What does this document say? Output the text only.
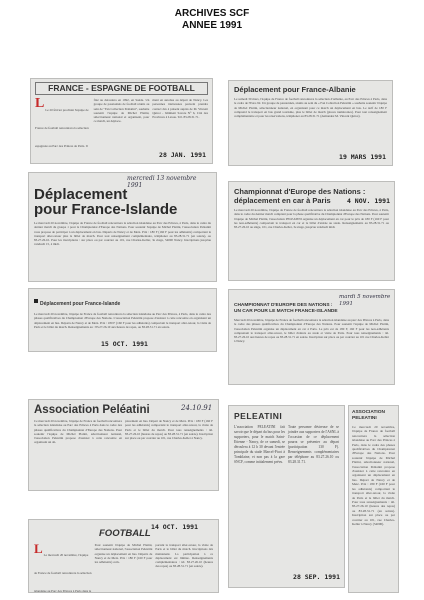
ARCHIVES SCF
ANNEE 1991
FRANCE - ESPAGNE DE FOOTBALL
L Le 20 février prochain l'équipe de France de football rencontrera la sélection espagnole au Parc des Princes de Paris. Il s'agira du deuxième des phases
fixé au déroulera en 1992, en Suède. Un groupe de passionnés de football réunis au sein de "Fan Collection Peléatini", souhaite soutenir l'équipe de Michel Platini, sélectionneur national et organisent, pour ce match, un déplace-
ment en autobus au départ de Nancy. Les personnes intéressées peuvent prendre contact dès à présent auprès de M. Vincent Quirot - bâtiment Savoie N° 6, Cité des Provinces à Laxou. Tél. 83.28.31.71.
28 JAN. 1991
Déplacement pour France-Albanie
Le samedi 30 mars, l'équipe de France de football rencontrera la sélection d'Albanie, au Parc des Princes à Paris, dans le cadre de l'Euro 92. Un groupe de passionnés, réunis au sein du « Fan Collection Peléatini » souhaite soutenir l'équipe de Michel Platini, sélectionneur national, en organisant pour ce match un déplacement en bus. Le tarif de 180 F comprend le transport en bus grand tourisme, plus le billet de match (places numérotées). Pour tout renseignement complémentaire et pour les réservations, téléphoner au 83.28.31.71 (demandez M. Vincent Quirot).
19 MARS 1991
mercredi 13 novembre 1991
Déplacement
pour France-Islande
Le mercredi 20 novembre, l'équipe de France de football rencontrera la sélection islandaise au Parc des Princes, à Paris, dans le cadre du dernier match du groupe 1 pour le Championnat d'Europe des Nations. Pour soutenir l'équipe de Michel Platini, l'Association Peléatini vous propose de participer à un déplacement en bus. Départs de Nancy et de Metz. Prix : 180 F (160 F pour les adhérents) comportant le transport aller-retour plus le billet de match. Pour tout renseignement complémentaire, téléphoner au 83.28.31.71 (en soirée), ou 83.27.26.10. Pour les inscriptions : sur place ou par courrier au 101, rue Charles-Keller, 3e étage, 54000 Nancy. Inscriptions jusqu'au vendredi 15, à midi.
Championnat d'Europe des Nations :
déplacement en car à Paris	4 NOV. 1991
Le mercredi 20 novembre, l'équipe de France de football rencontrera la sélection islandaise au Parc des Princes, à Paris, dans le cadre du dernier match comptant pour la phase qualificative du Championnat d'Europe des Nations. Pour soutenir l'équipe de Michel Platini, l'association PELEATINI organise un déplacement en car pour le prix de 180 F (160 F pour les non-adhérents) comportant le transport en car et le billet d'entrée au stade. Renseignements au 83.28.31.71 ou 83.27.26.10 au siège, 101, rue Charles-Keller, 3e étage, jusqu'au vendredi midi.
Déplacement pour France-Islande
Le mercredi 20 novembre, l'équipe de France de football rencontrera la sélection islandaise au Parc des Princes, à Paris, dans le cadre des phases qualificatives du Championnat d'Europe des Nations. L'association Peléatini propose d'assister à cette rencontre en organisant un déplacement en bus. Départs de Nancy et de Metz. Prix : 180 F (160 F pour les adhérents) comportant le transport aller-retour, la visite de Paris et le billet du match. Renseignements au : 83.27.26.10 aux heures de repas, ou 83.28.31.71 en soirée.
15 OCT. 1991
mardi 5 novembre 1991
CHAMPIONNAT D'EUROPE DES NATIONS :
UN CAR POUR LE MATCH FRANCE-ISLANDE
Mercredi 20 novembre, l'équipe de France de football rencontrera la sélection islandaise au parc des Princes à Paris, dans le cadre des phases qualificatives du Championnat d'Europe des Nations. Pour soutenir l'équipe de Michel Platini, l'association Peléatini organise un déplacement en car à Paris. Le prix est de 180 F, 160 F pour les non-adhérents comprenant le transport aller-retour, le billet d'entrée au stade et visite de Paris. Pour tous renseignements : tél. 83.27.26.10 aux heures de repas ou 83.28.31.71 en soirée. Inscription sur place ou par courrier au 101 rue Charles-Keller à Nancy.
Association Peléatini	24.10.91
Ce mercredi 20 novembre, l'équipe de France de football rencontrera la sélection islandaise au Parc des Princes à Paris dans le cadre des phases qualificatives du Championnat d'Europe des Nations. Pour soutenir l'équipe de Michel Platini, sélectionneur national, l'association Peléatini propose d'assister à cette rencontre en organisant un dé-
placement en bus. Départ de Nancy et de Metz. Prix : 180 F (160 F pour les adhérents) comportant le transport aller-retour, la visite de Paris et le billet du match. Pour tous renseignements : tél. 83.27.26.10 (heures de repas) ou 83.28.31.71 (en soirée). Inscription sur place ou par courrier au 101, rue Charles-Keller à Nancy.
FOOTBALL
14 OCT. 1991
L Le mercredi 20 novembre, l'équipe de France de football rencontrera la sélection islandaise au Parc des Princes à Paris dans le
Pour soutenir l'équipe de Michel Platini, sélectionneur national, l'association Peléatini organise un déplacement en bus. Départs de Nancy et de Metz. Prix : 180 F (160 F pour les adhérents) com-
portant le transport aller-retour, la visite de Paris et le billet du match. Inscriptions dès maintenant. La participation à ce déplacement est limitée. Renseignements complémentaires : tél. 83.27.26.10 (heures des repas) ou 83.28.31.71 (en soirée).
PELEATINI
L'association PELEATINI fait savoir que le départ du bus pour les supporters, pour le match Saint-Etienne - Nancy, de ce samedi, se déroulera à 12 h 30 devant l'entrée principale du stade Marcel-Picot à Tomblaine, et non pas à la gare SNCF, comme initialement prévu.
Toute personne désireuse de se joindre aux supporters de l'ASNL à l'occasion de ce déplacement pourra se présenter au départ (participation 130 F). Renseignements complémentaires par téléphone au 83.27.26.10 ou 83.28.31.71.
28 SEP. 1991
ASSOCIATION
PELEATINI
Ce mercredi 20 novembre, l'équipe de France de football rencontrera la sélection islandaise au Parc des Princes à Paris, dans le cadre des phases qualificatives du Championnat d'Europe des Nations. Pour soutenir l'équipe de Michel Platini, sélectionneur national, l'association Peléatini propose d'assister à cette rencontre en organisant un déplacement en bus. Départ de Nancy et de Metz. Prix : 180 F (160 F pour les adhérents) comportant le transport aller-retour, la visite de Paris et le billet du match. Pour tous renseignements : tél. 83.27.26.10 (heures des repas) ou 83.28.31.71 (en soirée). Inscription sur place ou par courrier au 101, rue Charles-Keller à Nancy (54000).
